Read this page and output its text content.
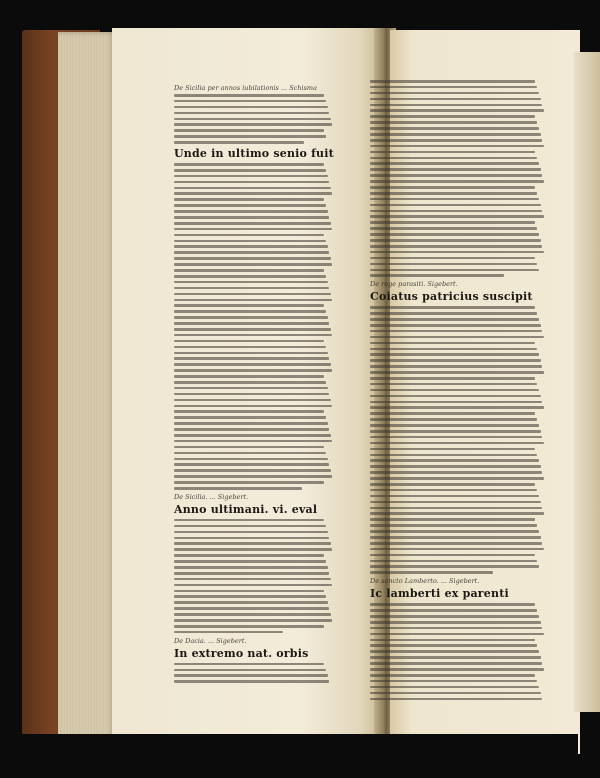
De Sicilia per annos iubilationis ... Schisma
Unde in ultimo senio fuit
De Sicilia. ... Sigebert.
Anno ultimani. vi. eval
De Dacia. ... Sigebert.
In extremo nat. orbis
De rege parasiti. Sigebert.
Coiatus patricius suscipit
De sancto Lamberto. ... Sigebert.
Ic lamberti ex parenti
